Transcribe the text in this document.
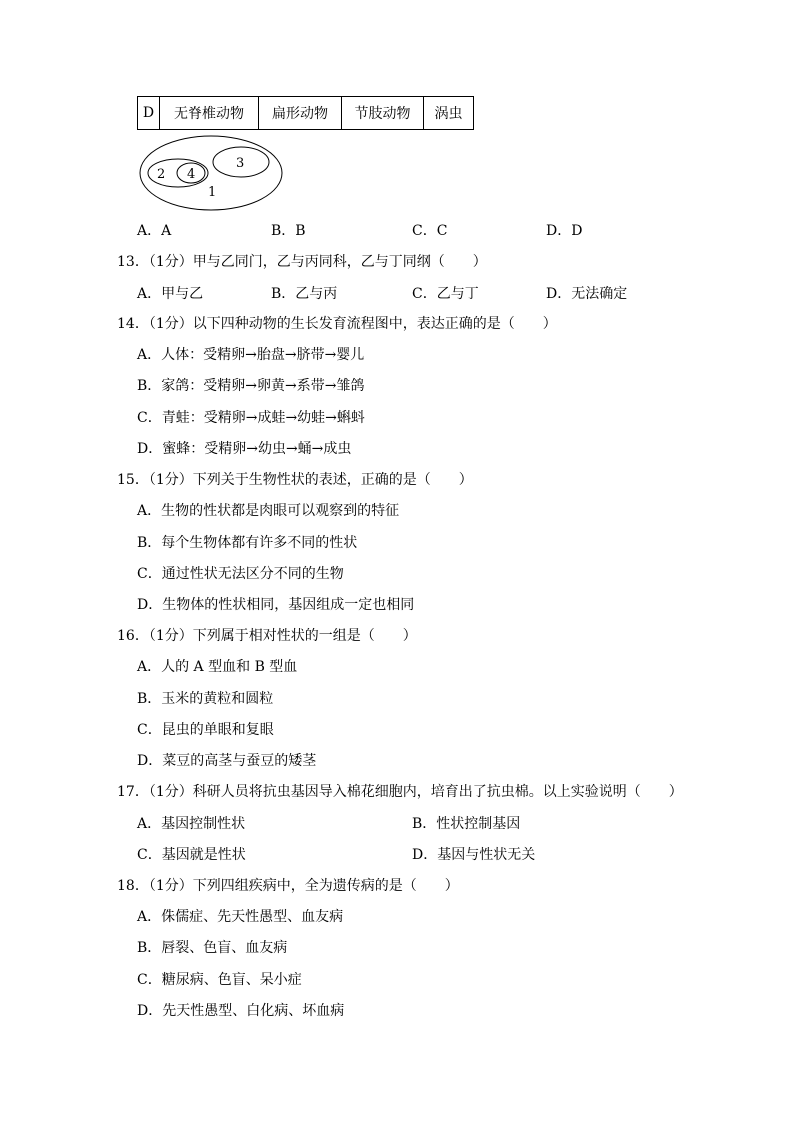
D	无脊椎动物	扁形动物	节肢动物	涡虫
1
2
3
4
A．A	B．B	C．C	D．D
13．（1分）甲与乙同门，乙与丙同科，乙与丁同纲（　　）
A．甲与乙	B．乙与丙	C．乙与丁	D．无法确定
14．（1分）以下四种动物的生长发育流程图中，表达正确的是（　　）
A．人体：受精卵→胎盘→脐带→婴儿
B．家鸽：受精卵→卵黄→系带→雏鸽
C．青蛙：受精卵→成蛙→幼蛙→蝌蚪
D．蜜蜂：受精卵→幼虫→蛹→成虫
15．（1分）下列关于生物性状的表述，正确的是（　　）
A．生物的性状都是肉眼可以观察到的特征
B．每个生物体都有许多不同的性状
C．通过性状无法区分不同的生物
D．生物体的性状相同，基因组成一定也相同
16．（1分）下列属于相对性状的一组是（　　）
A．人的 A 型血和 B 型血
B．玉米的黄粒和圆粒
C．昆虫的单眼和复眼
D．菜豆的高茎与蚕豆的矮茎
17．（1分）科研人员将抗虫基因导入棉花细胞内，培育出了抗虫棉。以上实验说明（　　）
A．基因控制性状	B．性状控制基因
C．基因就是性状	D．基因与性状无关
18．（1分）下列四组疾病中，全为遗传病的是（　　）
A．侏儒症、先天性愚型、血友病
B．唇裂、色盲、血友病
C．糖尿病、色盲、呆小症
D．先天性愚型、白化病、坏血病
